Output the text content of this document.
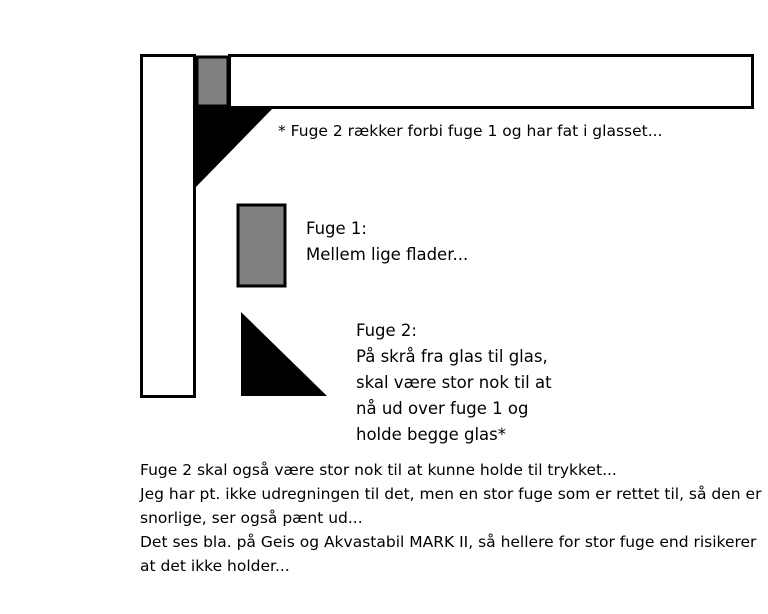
* Fuge 2 rækker forbi fuge 1 og har fat i glasset...

Fuge 1:

Mellem lige flader...

Fuge 2:

På skrå fra glas til glas,

skal være stor nok til at

nå ud over fuge 1 og

holde begge glas*

Fuge 2 skal også være stor nok til at kunne holde til trykket...

Jeg har pt. ikke udregningen til det, men en stor fuge som er rettet til, så den er

snorlige, ser også pænt ud...

Det ses bla. på Geis og Akvastabil MARK II, så hellere for stor fuge end risikerer

at det ikke holder...
